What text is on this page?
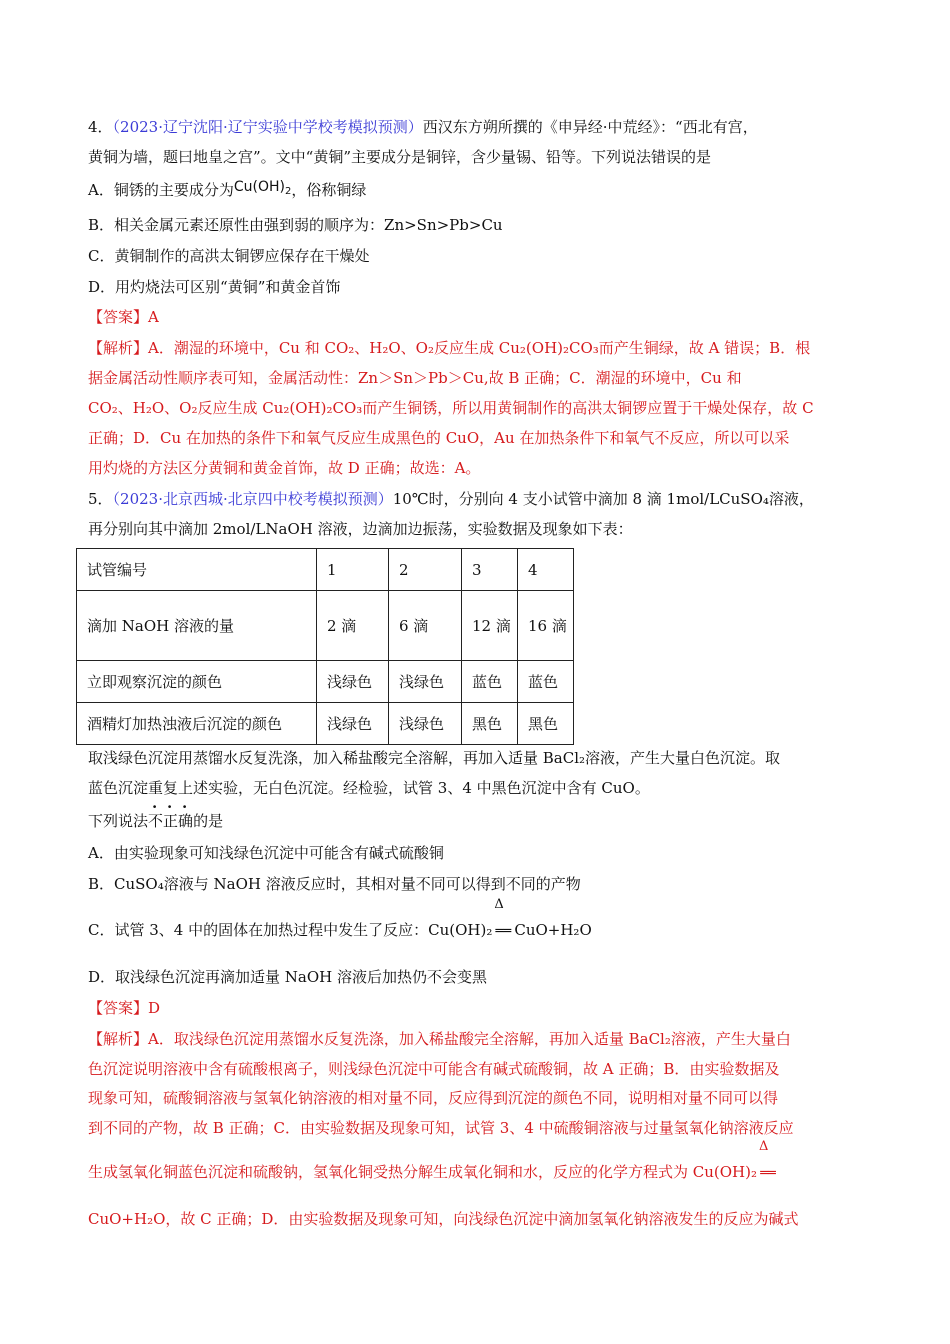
4．（2023·辽宁沈阳·辽宁实验中学校考模拟预测）西汉东方朔所撰的《申异经·中荒经》：“西北有宫，
黄铜为墙，题曰地皇之宫”。文中“黄铜”主要成分是铜锌，含少量锡、铅等。下列说法错误的是
A．铜锈的主要成分为$Cu(OH)_2$，俗称铜绿
B．相关金属元素还原性由强到弱的顺序为：Zn>Sn>Pb>Cu
C．黄铜制作的高洪太铜锣应保存在干燥处
D．用灼烧法可区别“黄铜”和黄金首饰
【答案】A
【解析】A．潮湿的环境中，Cu 和 CO₂、H₂O、O₂反应生成 Cu₂(OH)₂CO₃而产生铜绿，故 A 错误；B．根
据金属活动性顺序表可知，金属活动性：Zn＞Sn＞Pb＞Cu,故 B 正确；C．潮湿的环境中，Cu 和
CO₂、H₂O、O₂反应生成 Cu₂(OH)₂CO₃而产生铜锈，所以用黄铜制作的高洪太铜锣应置于干燥处保存，故 C
正确；D．Cu 在加热的条件下和氧气反应生成黑色的 CuO，Au 在加热条件下和氧气不反应，所以可以采
用灼烧的方法区分黄铜和黄金首饰，故 D 正确；故选：A。
5．（2023·北京西城·北京四中校考模拟预测）10℃时，分别向 4 支小试管中滴加 8 滴 1mol/LCuSO₄溶液，
再分别向其中滴加 2mol/LNaOH 溶液，边滴加边振荡，实验数据及现象如下表：
试管编号	1	2	3	4
滴加 NaOH 溶液的量	2 滴	6 滴	12 滴	16 滴
立即观察沉淀的颜色	浅绿色	浅绿色	蓝色	蓝色
酒精灯加热浊液后沉淀的颜色	浅绿色	浅绿色	黑色	黑色
取浅绿色沉淀用蒸馏水反复洗涤，加入稀盐酸完全溶解，再加入适量 BaCl₂溶液，产生大量白色沉淀。取
蓝色沉淀重复上述实验，无白色沉淀。经检验，试管 3、4 中黑色沉淀中含有 CuO。
下列说法不正确的是
A．由实验现象可知浅绿色沉淀中可能含有碱式硫酸铜
B．CuSO₄溶液与 NaOH 溶液反应时，其相对量不同可以得到不同的产物
C．试管 3、4 中的固体在加热过程中发生了反应：Cu(OH)₂
Δ
══ CuO+H₂O
D．取浅绿色沉淀再滴加适量 NaOH 溶液后加热仍不会变黑
【答案】D
【解析】A．取浅绿色沉淀用蒸馏水反复洗涤，加入稀盐酸完全溶解，再加入适量 BaCl₂溶液，产生大量白
色沉淀说明溶液中含有硫酸根离子，则浅绿色沉淀中可能含有碱式硫酸铜，故 A 正确；B．由实验数据及
现象可知，硫酸铜溶液与氢氧化钠溶液的相对量不同，反应得到沉淀的颜色不同，说明相对量不同可以得
到不同的产物，故 B 正确；C．由实验数据及现象可知，试管 3、4 中硫酸铜溶液与过量氢氧化钠溶液反应
生成氢氧化铜蓝色沉淀和硫酸钠，氢氧化铜受热分解生成氧化铜和水，反应的化学方程式为 Cu(OH)₂
Δ
══
CuO+H₂O，故 C 正确；D．由实验数据及现象可知，向浅绿色沉淀中滴加氢氧化钠溶液发生的反应为碱式
